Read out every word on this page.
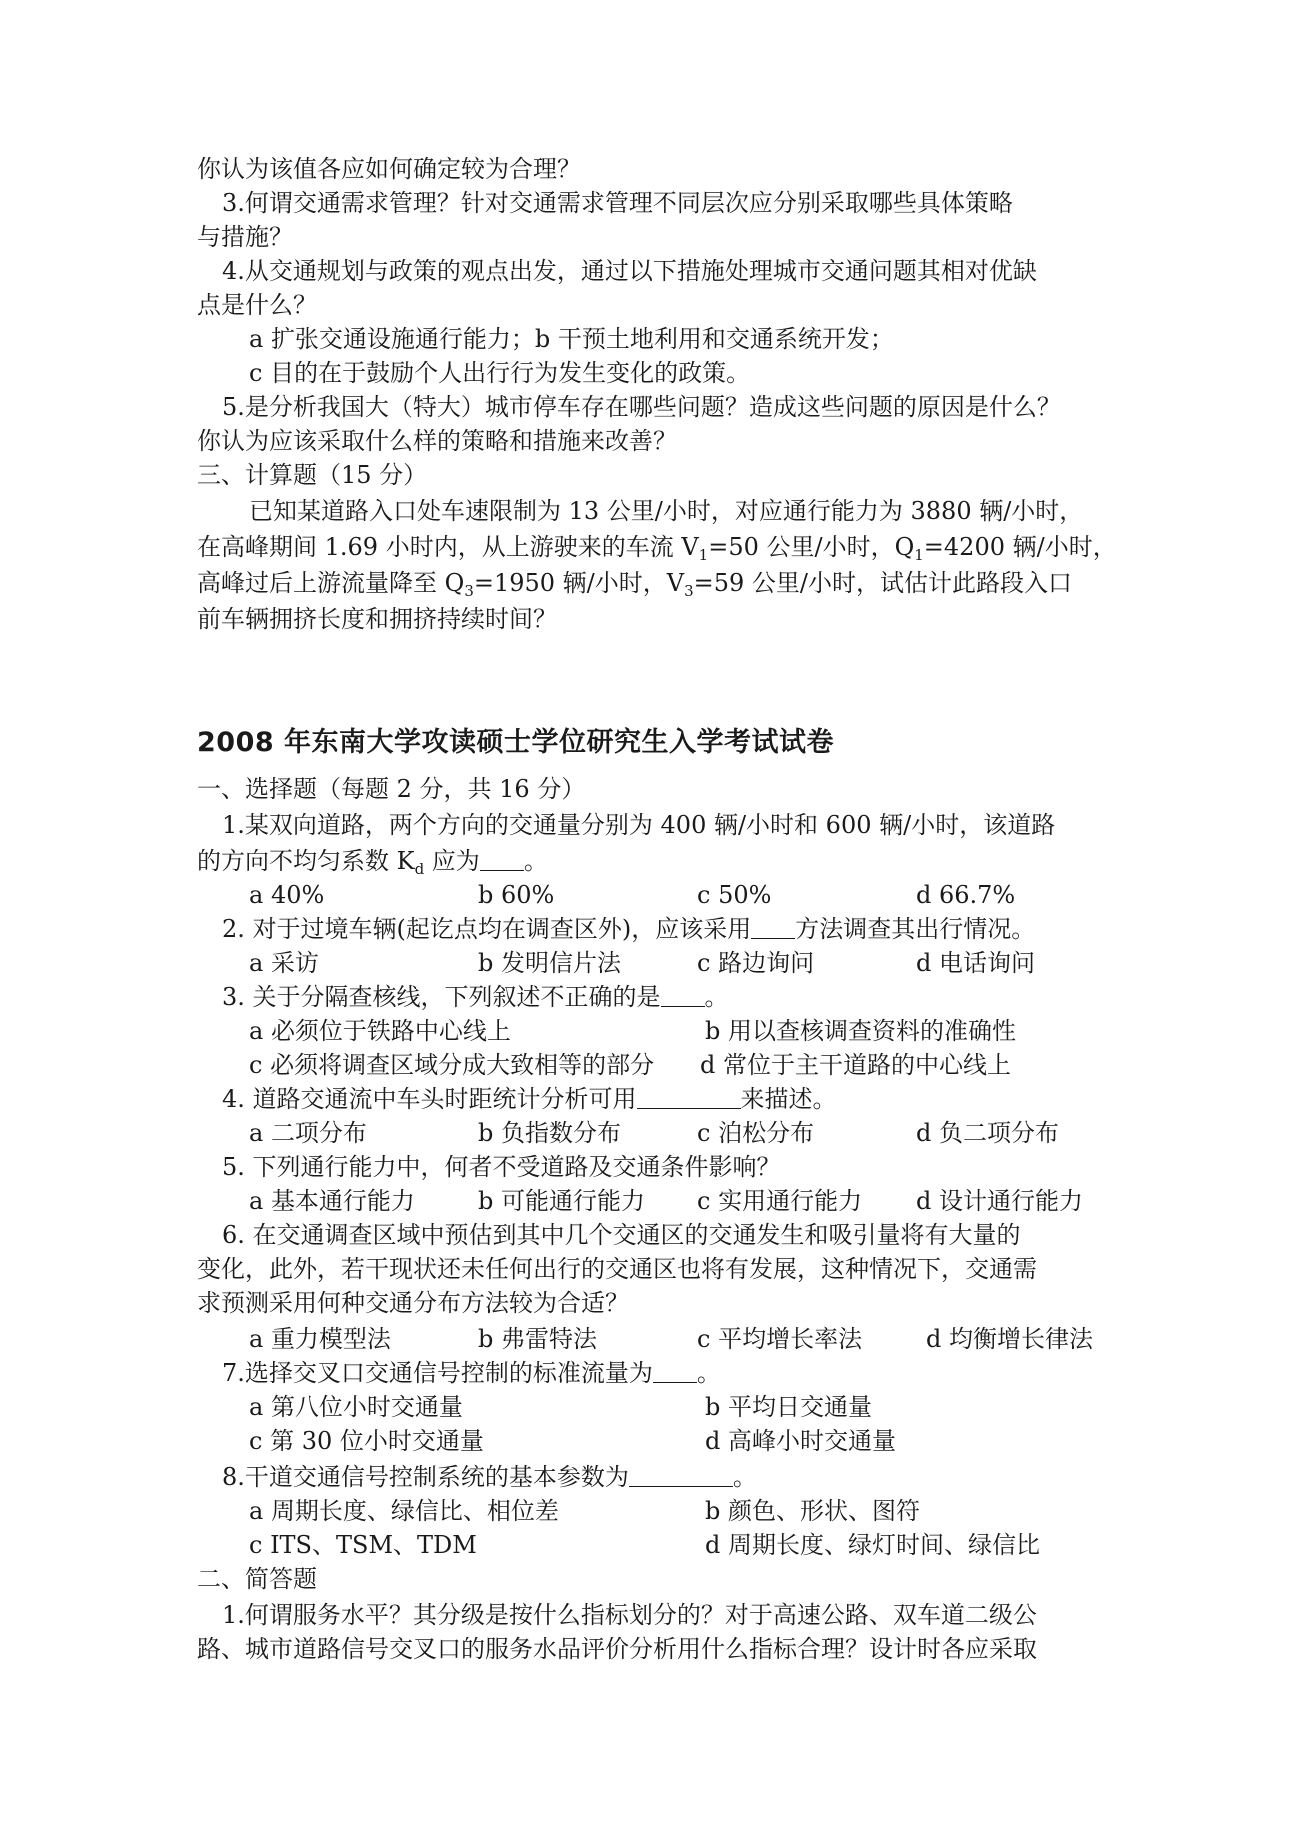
你认为该值各应如何确定较为合理？
3.何谓交通需求管理？针对交通需求管理不同层次应分别采取哪些具体策略
与措施？
4.从交通规划与政策的观点出发，通过以下措施处理城市交通问题其相对优缺
点是什么？
a 扩张交通设施通行能力；b 干预土地利用和交通系统开发；
c 目的在于鼓励个人出行行为发生变化的政策。
5.是分析我国大（特大）城市停车存在哪些问题？造成这些问题的原因是什么？
你认为应该采取什么样的策略和措施来改善？
三、计算题（15 分）
已知某道路入口处车速限制为 13 公里/小时，对应通行能力为 3880 辆/小时，
在高峰期间 1.69 小时内，从上游驶来的车流 $V_1=50$ 公里/小时，$Q_1=4200$ 辆/小时，
高峰过后上游流量降至 $Q_3=1950$ 辆/小时，$V_3=59$ 公里/小时，试估计此路段入口
前车辆拥挤长度和拥挤持续时间？
2008 年东南大学攻读硕士学位研究生入学考试试卷
一、选择题（每题 2 分，共 16 分）
1.某双向道路，两个方向的交通量分别为 400 辆/小时和 600 辆/小时，该道路
的方向不均匀系数 $K_d$ 应为 。
a 40%	b 60%	c 50%	d 66.7%
2. 对于过境车辆(起讫点均在调查区外)，应该采用 方法调查其出行情况。
a 采访	b 发明信片法	c 路边询问	d 电话询问
3. 关于分隔查核线，下列叙述不正确的是 。
a 必须位于铁路中心线上	b 用以查核调查资料的准确性
c 必须将调查区域分成大致相等的部分 d 常位于主干道路的中心线上
4. 道路交通流中车头时距统计分析可用	来描述。
a 二项分布	b 负指数分布	c 泊松分布	d 负二项分布
5. 下列通行能力中，何者不受道路及交通条件影响？
a 基本通行能力	b 可能通行能力 c 实用通行能力 d 设计通行能力
6. 在交通调查区域中预估到其中几个交通区的交通发生和吸引量将有大量的
变化，此外，若干现状还未任何出行的交通区也将有发展，这种情况下，交通需
求预测采用何种交通分布方法较为合适？
a 重力模型法	b 弗雷特法	c 平均增长率法	d 均衡增长律法
7.选择交叉口交通信号控制的标准流量为 。
a 第八位小时交通量	b 平均日交通量
c 第 30 位小时交通量	d 高峰小时交通量
8.干道交通信号控制系统的基本参数为	。
a 周期长度、绿信比、相位差	b 颜色、形状、图符
c ITS、TSM、TDM	d 周期长度、绿灯时间、绿信比
二、简答题
1.何谓服务水平？其分级是按什么指标划分的？对于高速公路、双车道二级公
路、城市道路信号交叉口的服务水品评价分析用什么指标合理？设计时各应采取
